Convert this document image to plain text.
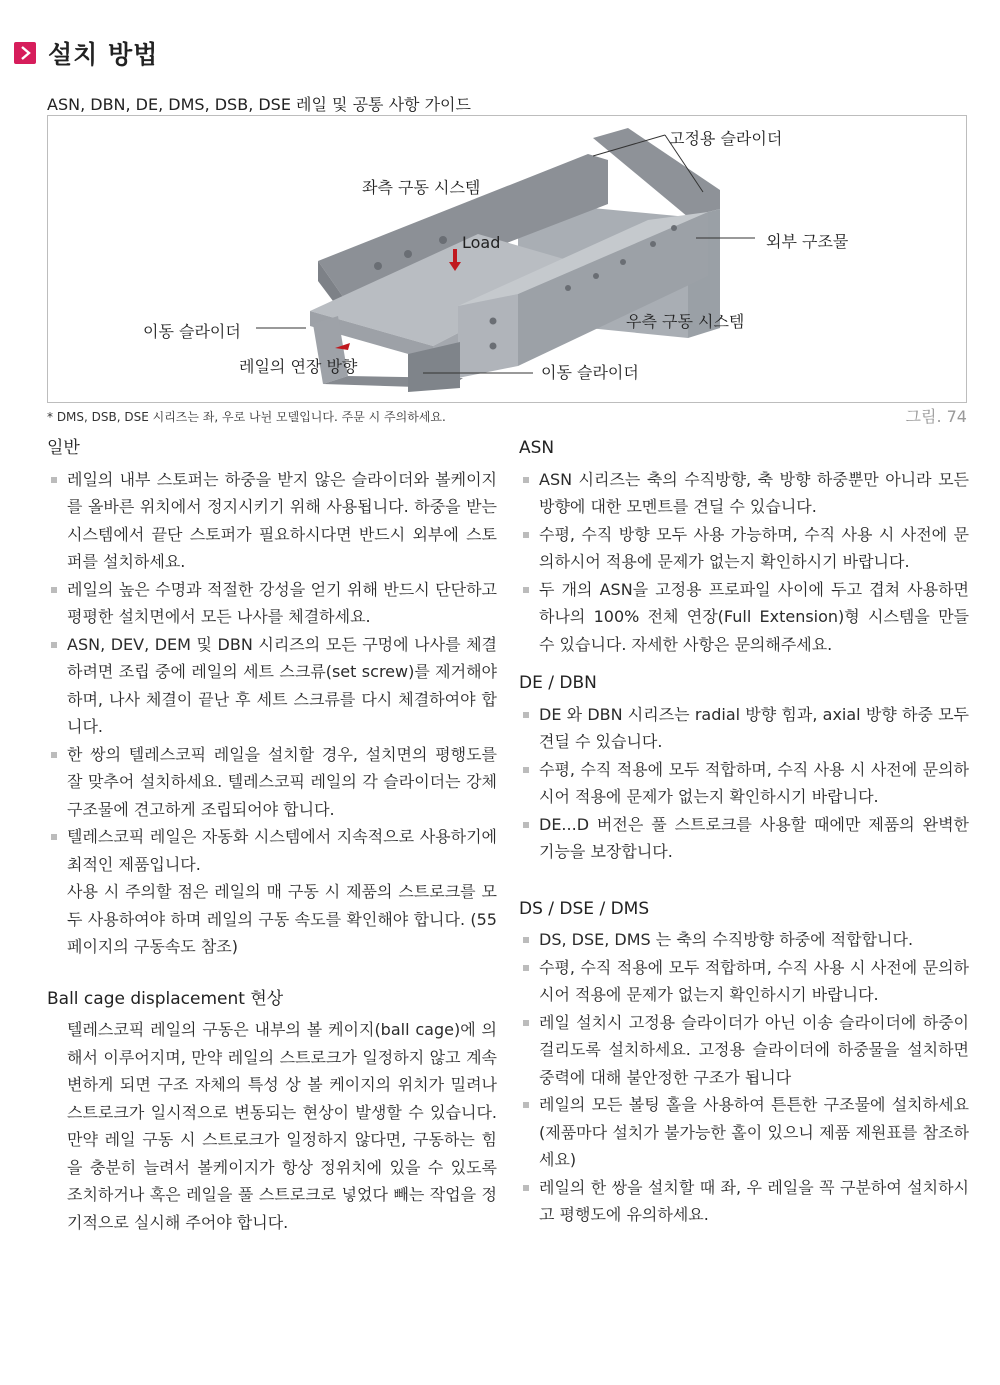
설치 방법
ASN, DBN, DE, DMS, DSB, DSE 레일 및 공통 사항 가이드
고정용 슬라이더
좌측 구동 시스템
Load	외부 구조물
이동 슬라이더
우측 구동 시스템
레일의 연장 방향	이동 슬라이더
* DMS, DSB, DSE 시리즈는 좌, 우로 나뉜 모델입니다. 주문 시 주의하세요.	그림. 74
일반
레일의 내부 스토퍼는 하중을 받지 않은 슬라이더와 볼케이지를 올바른 위치에서 정지시키기 위해 사용됩니다. 하중을 받는 시스템에서 끝단 스토퍼가 필요하시다면 반드시 외부에 스토퍼를 설치하세요.
레일의 높은 수명과 적절한 강성을 얻기 위해 반드시 단단하고 평평한 설치면에서 모든 나사를 체결하세요.
ASN, DEV, DEM 및 DBN 시리즈의 모든 구멍에 나사를 체결하려면 조립 중에 레일의 세트 스크류(set screw)를 제거해야 하며, 나사 체결이 끝난 후 세트 스크류를 다시 체결하여야 합니다.
한 쌍의 텔레스코픽 레일을 설치할 경우, 설치면의 평행도를 잘 맞추어 설치하세요. 텔레스코픽 레일의 각 슬라이더는 강체 구조물에 견고하게 조립되어야 합니다.
텔레스코픽 레일은 자동화 시스템에서 지속적으로 사용하기에 최적인 제품입니다.
사용 시 주의할 점은 레일의 매 구동 시 제품의 스트로크를 모두 사용하여야 하며 레일의 구동 속도를 확인해야 합니다. (55 페이지의 구동속도 참조)
Ball cage displacement 현상
텔레스코픽 레일의 구동은 내부의 볼 케이지(ball cage)에 의해서 이루어지며, 만약 레일의 스트로크가 일정하지 않고 계속 변하게 되면 구조 자체의 특성 상 볼 케이지의 위치가 밀려나 스트로크가 일시적으로 변동되는 현상이 발생할 수 있습니다. 만약 레일 구동 시 스트로크가 일정하지 않다면, 구동하는 힘을 충분히 늘려서 볼케이지가 항상 정위치에 있을 수 있도록 조치하거나 혹은 레일을 풀 스트로크로 넣었다 빼는 작업을 정기적으로 실시해 주어야 합니다.
ASN
ASN 시리즈는 축의 수직방향, 축 방향 하중뿐만 아니라 모든 방향에 대한 모멘트를 견딜 수 있습니다.
수평, 수직 방향 모두 사용 가능하며, 수직 사용 시 사전에 문의하시어 적용에 문제가 없는지 확인하시기 바랍니다.
두 개의 ASN을 고정용 프로파일 사이에 두고 겹쳐 사용하면 하나의 100% 전체 연장(Full Extension)형 시스템을 만들 수 있습니다. 자세한 사항은 문의해주세요.
DE / DBN
DE 와 DBN 시리즈는 radial 방향 힘과, axial 방향 하중 모두 견딜 수 있습니다.
수평, 수직 적용에 모두 적합하며, 수직 사용 시 사전에 문의하시어 적용에 문제가 없는지 확인하시기 바랍니다.
DE...D 버전은 풀 스트로크를 사용할 때에만 제품의 완벽한 기능을 보장합니다.
DS / DSE / DMS
DS, DSE, DMS 는 축의 수직방향 하중에 적합합니다.
수평, 수직 적용에 모두 적합하며, 수직 사용 시 사전에 문의하시어 적용에 문제가 없는지 확인하시기 바랍니다.
레일 설치시 고정용 슬라이더가 아닌 이송 슬라이더에 하중이 걸리도록 설치하세요. 고정용 슬라이더에 하중물을 설치하면 중력에 대해 불안정한 구조가 됩니다
레일의 모든 볼팅 홀을 사용하여 튼튼한 구조물에 설치하세요 (제품마다 설치가 불가능한 홀이 있으니 제품 제원표를 참조하세요)
레일의 한 쌍을 설치할 때 좌, 우 레일을 꼭 구분하여 설치하시고 평행도에 유의하세요.
